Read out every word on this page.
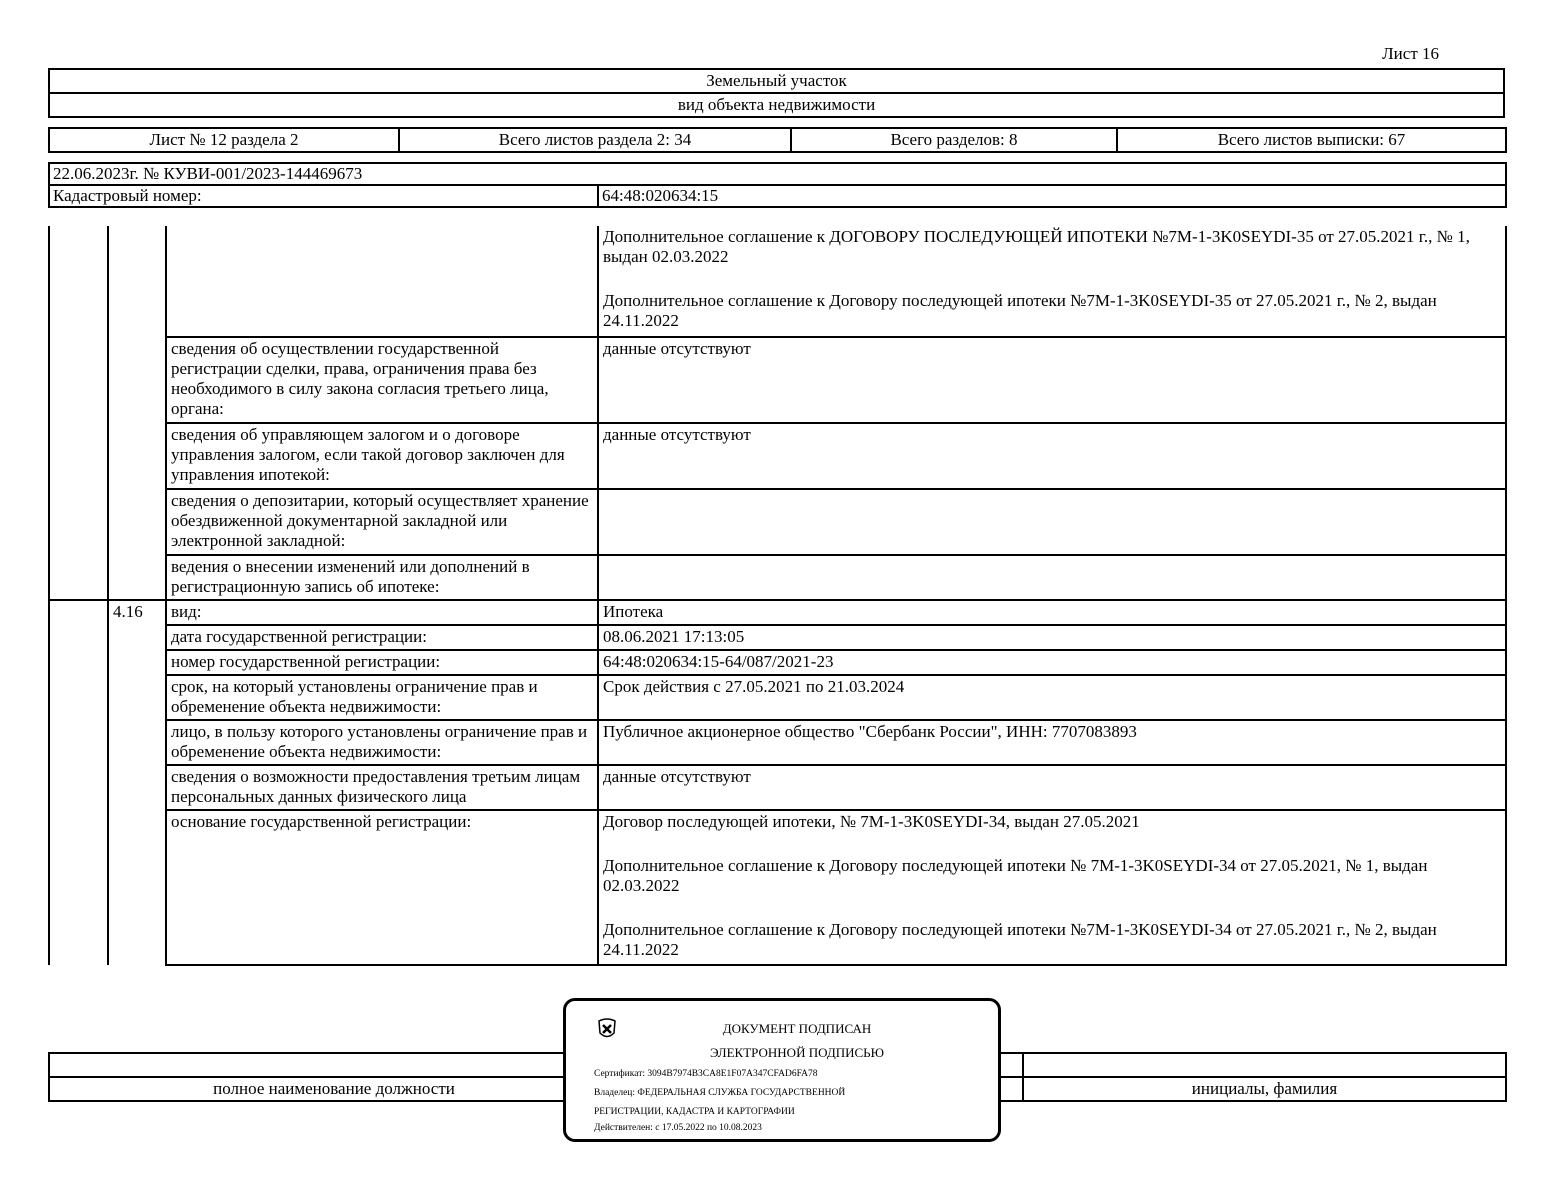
Лист 16
Земельный участок
вид объекта недвижимости
Лист № 12 раздела 2	Всего листов раздела 2: 34	Всего разделов: 8	Всего листов выписки: 67
22.06.2023г. № КУВИ-001/2023-144469673
Кадастровый номер:	64:48:020634:15

			Дополнительное соглашение к ДОГОВОРУ ПОСЛЕДУЮЩЕЙ ИПОТЕКИ №7М-1-3K0SEYDI-35 от 27.05.2021 г., № 1, выдан 02.03.2022

Дополнительное соглашение к Договору последующей ипотеки №7М-1-3K0SEYDI-35 от 27.05.2021 г., № 2, выдан 24.11.2022

		сведения об осуществлении государственной регистрации сделки, права, ограничения права без необходимого в силу закона согласия третьего лица, органа:	данные отсутствуют
		сведения об управляющем залогом и о договоре управления залогом, если такой договор заключен для управления ипотекой:	данные отсутствуют
		сведения о депозитарии, который осуществляет хранение обездвиженной документарной закладной или электронной закладной:	
		ведения о внесении изменений или дополнений в регистрационную запись об ипотеке:	
	4.16	вид:	Ипотека
		дата государственной регистрации:	08.06.2021 17:13:05
		номер государственной регистрации:	64:48:020634:15-64/087/2021-23
		срок, на который установлены ограничение прав и обременение объекта недвижимости:	Срок действия с 27.05.2021 по 21.03.2024
		лицо, в пользу которого установлены ограничение прав и обременение объекта недвижимости:	Публичное акционерное общество "Сбербанк России", ИНН: 7707083893
		сведения о возможности предоставления третьим лицам персональных данных физического лица	данные отсутствуют
		основание государственной регистрации:	Договор последующей ипотеки, № 7М-1-3K0SEYDI-34, выдан 27.05.2021

Дополнительное соглашение к Договору последующей ипотеки № 7М-1-3K0SEYDI-34 от 27.05.2021, № 1, выдан 02.03.2022

Дополнительное соглашение к Договору последующей ипотеки №7М-1-3K0SEYDI-34 от 27.05.2021 г., № 2, выдан 24.11.2022

полное наименование должности		инициалы, фамилия
ДОКУМЕНТ ПОДПИСАН
ЭЛЕКТРОННОЙ ПОДПИСЬЮ
Сертификат: 3094B7974B3CA8E1F07A347CFAD6FA78
Владелец: ФЕДЕРАЛЬНАЯ СЛУЖБА ГОСУДАРСТВЕННОЙ
РЕГИСТРАЦИИ, КАДАСТРА И КАРТОГРАФИИ
Действителен: с 17.05.2022 по 10.08.2023
